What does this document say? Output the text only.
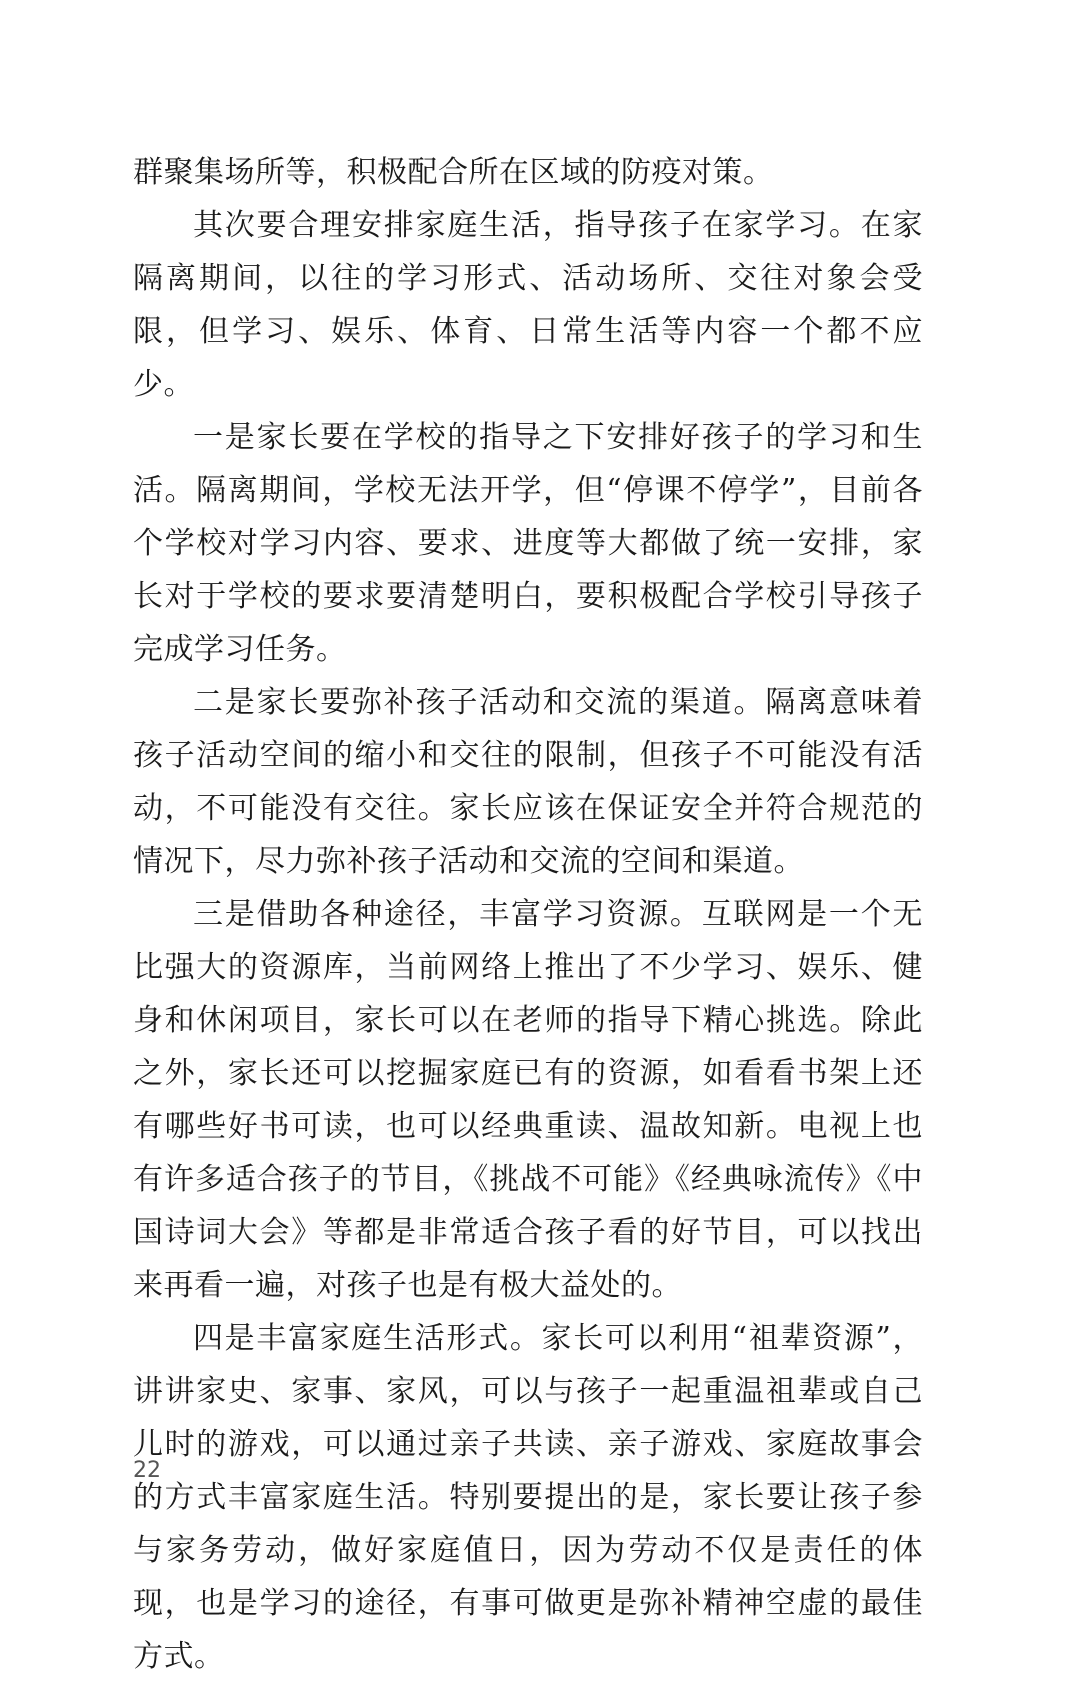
群聚集场所等，积极配合所在区域的防疫对策。

其次要合理安排家庭生活，指导孩子在家学习。在家隔离期间，以往的学习形式、活动场所、交往对象会受限，但学习、娱乐、体育、日常生活等内容一个都不应少。

一是家长要在学校的指导之下安排好孩子的学习和生活。隔离期间，学校无法开学，但“停课不停学”，目前各个学校对学习内容、要求、进度等大都做了统一安排，家长对于学校的要求要清楚明白，要积极配合学校引导孩子完成学习任务。

二是家长要弥补孩子活动和交流的渠道。隔离意味着孩子活动空间的缩小和交往的限制，但孩子不可能没有活动，不可能没有交往。家长应该在保证安全并符合规范的情况下，尽力弥补孩子活动和交流的空间和渠道。

三是借助各种途径，丰富学习资源。互联网是一个无比强大的资源库，当前网络上推出了不少学习、娱乐、健身和休闲项目，家长可以在老师的指导下精心挑选。除此之外，家长还可以挖掘家庭已有的资源，如看看书架上还有哪些好书可读，也可以经典重读、温故知新。电视上也有许多适合孩子的节目，《挑战不可能》《经典咏流传》《中国诗词大会》等都是非常适合孩子看的好节目，可以找出来再看一遍，对孩子也是有极大益处的。

四是丰富家庭生活形式。家长可以利用“祖辈资源”，讲讲家史、家事、家风，可以与孩子一起重温祖辈或自己儿时的游戏，可以通过亲子共读、亲子游戏、家庭故事会的方式丰富家庭生活。特别要提出的是，家长要让孩子参与家务劳动，做好家庭值日，因为劳动不仅是责任的体现，也是学习的途径，有事可做更是弥补精神空虚的最佳方式。

22
